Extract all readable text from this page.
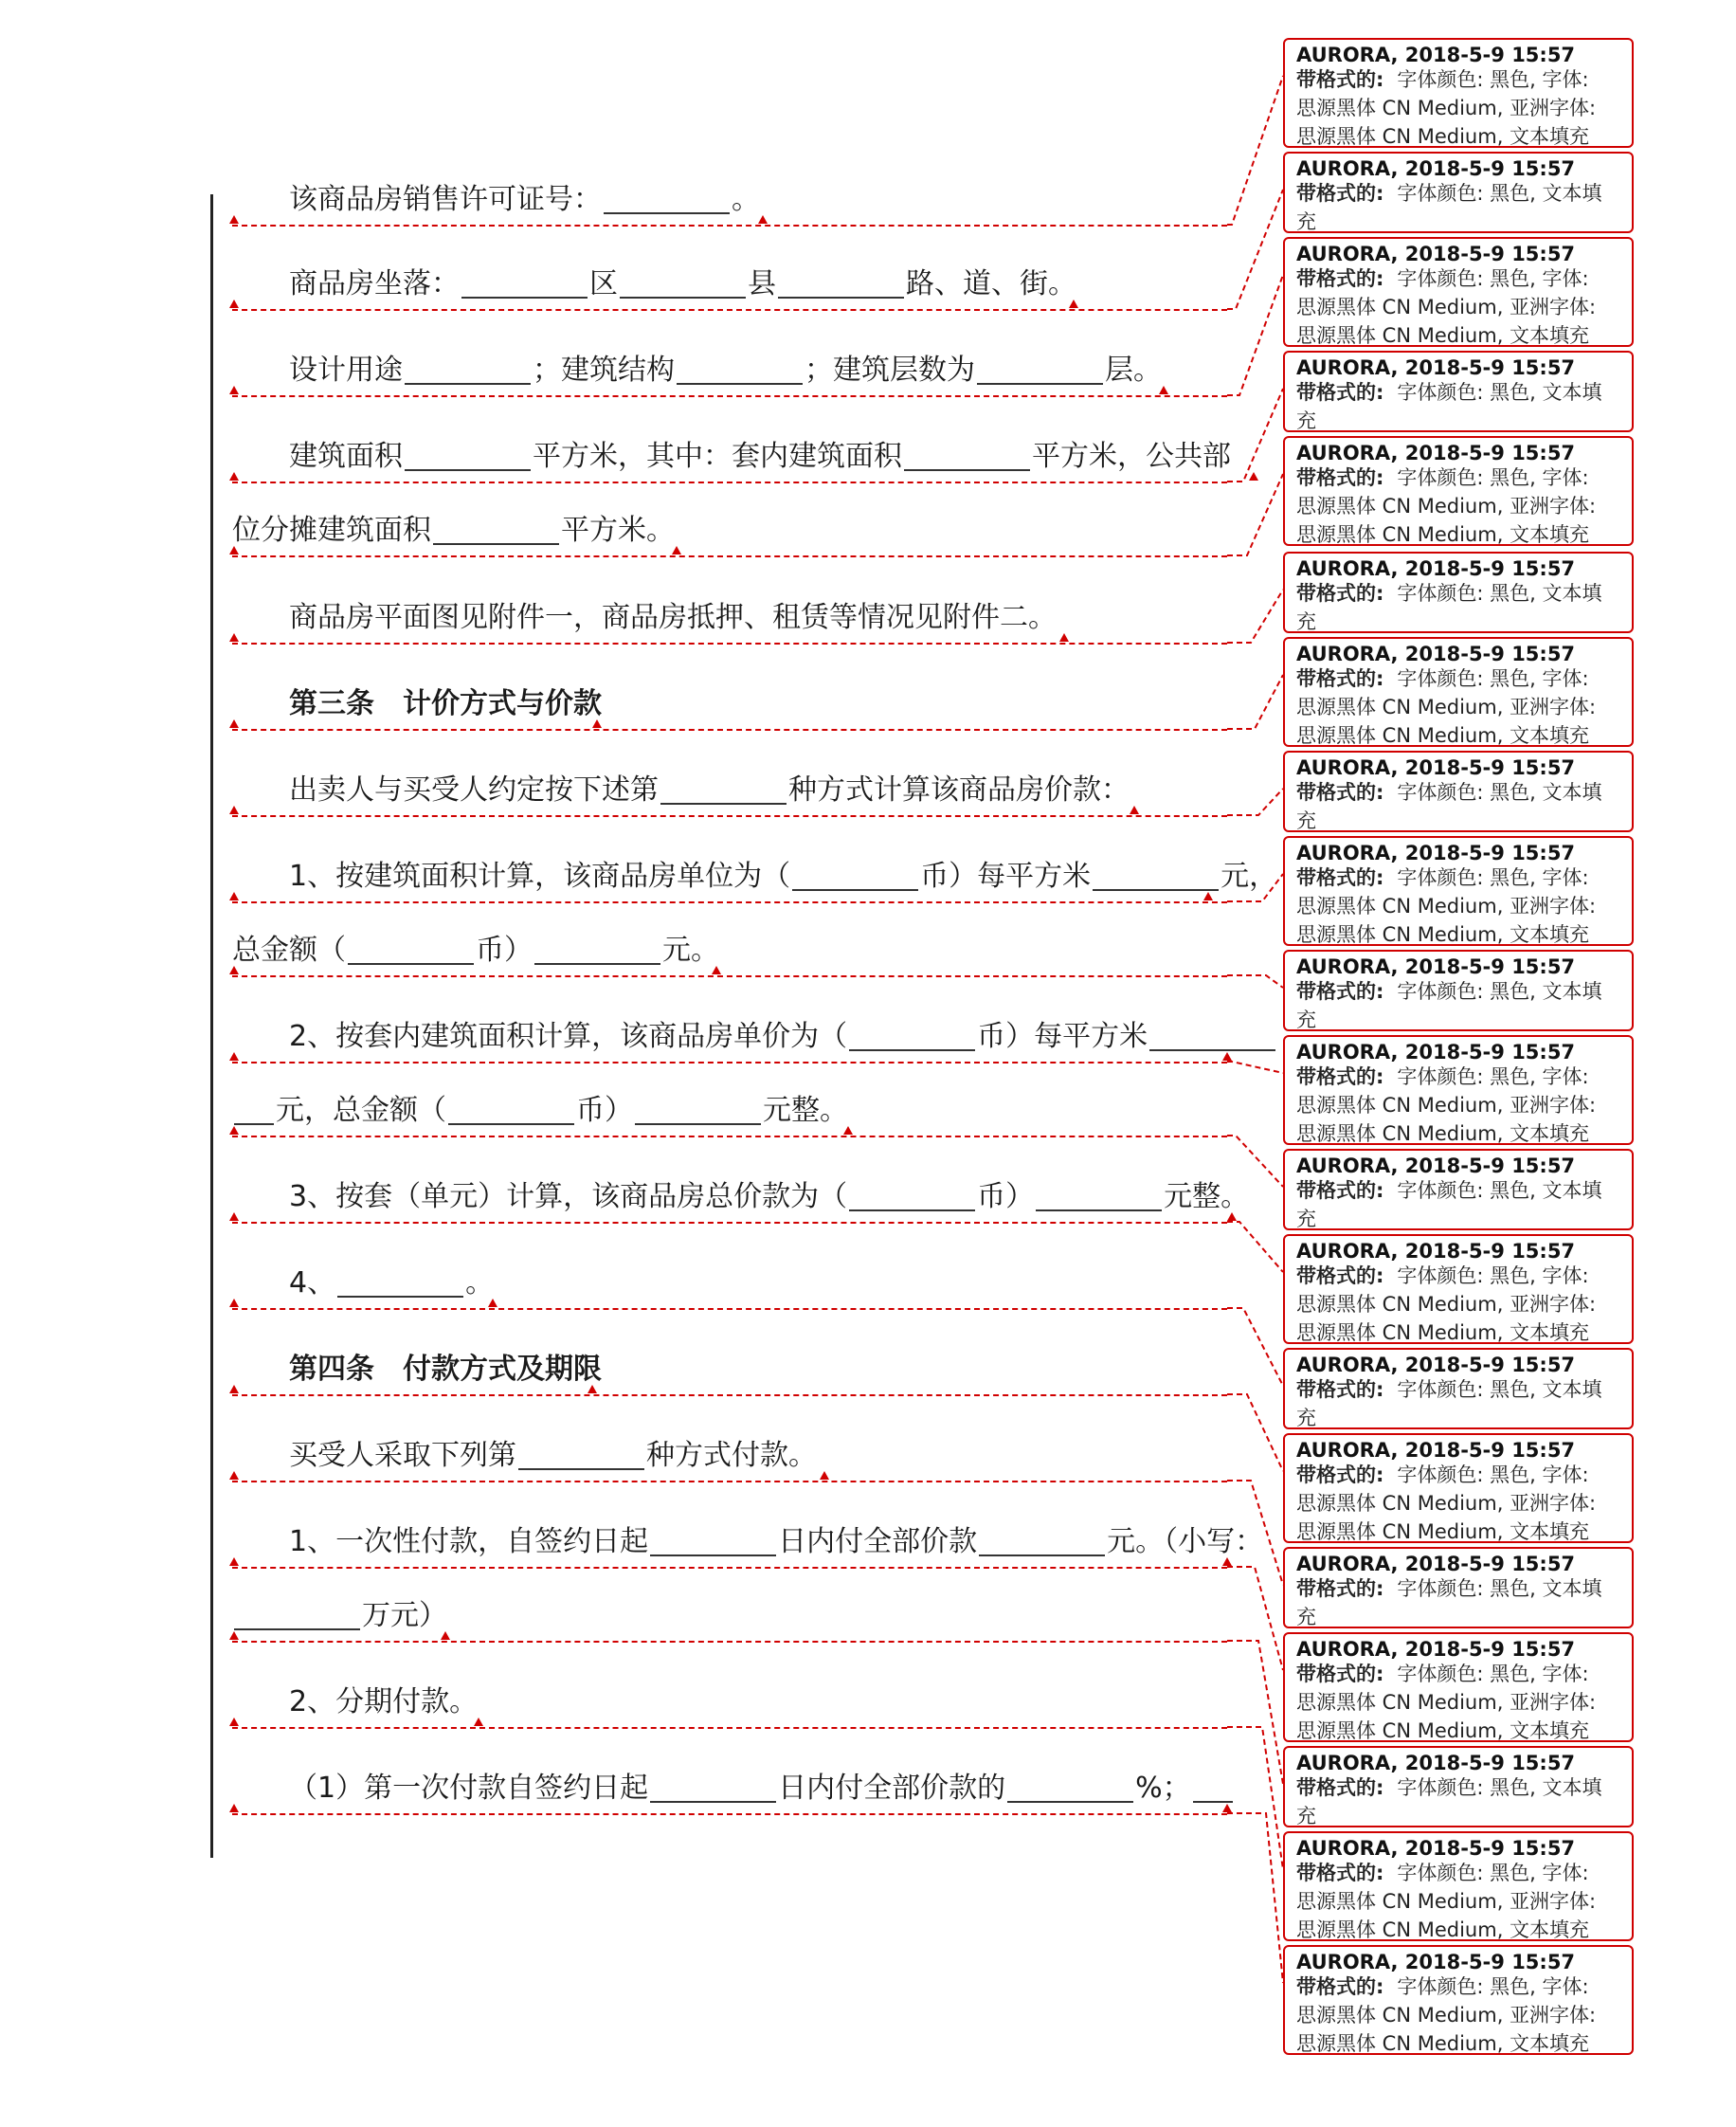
该商品房销售许可证号：	。
商品房坐落：	区	县	路、道、街。
设计用途	；建筑结构	；建筑层数为	层。
建筑面积	平方米，其中：套内建筑面积	平方米，公共部
位分摊建筑面积	平方米。
商品房平面图见附件一，商品房抵押、租赁等情况见附件二。
第三条 计价方式与价款
出卖人与买受人约定按下述第	种方式计算该商品房价款：
1、按建筑面积计算，该商品房单位为（	币）每平方米	元，
总金额（	币）	元。
2、按套内建筑面积计算，该商品房单价为（	币）每平方米
元，总金额（	币）	元整。
3、按套（单元）计算，该商品房总价款为（	币）	元整。
4、	。
第四条 付款方式及期限
买受人采取下列第	种方式付款。
1、一次性付款，自签约日起	日内付全部价款	元。（小写：
万元）
2、分期付款。
（1）第一次付款自签约日起	日内付全部价款的	%；
AURORA, 2018-5-9 15:57
带格式的: 字体颜色: 黑色, 字体:
思源黑体 CN Medium, 亚洲字体:
思源黑体 CN Medium, 文本填充
AURORA, 2018-5-9 15:57
带格式的: 字体颜色: 黑色, 文本填
充
AURORA, 2018-5-9 15:57
带格式的: 字体颜色: 黑色, 字体:
思源黑体 CN Medium, 亚洲字体:
思源黑体 CN Medium, 文本填充
AURORA, 2018-5-9 15:57
带格式的: 字体颜色: 黑色, 文本填
充
AURORA, 2018-5-9 15:57
带格式的: 字体颜色: 黑色, 字体:
思源黑体 CN Medium, 亚洲字体:
思源黑体 CN Medium, 文本填充
AURORA, 2018-5-9 15:57
带格式的: 字体颜色: 黑色, 文本填
充
AURORA, 2018-5-9 15:57
带格式的: 字体颜色: 黑色, 字体:
思源黑体 CN Medium, 亚洲字体:
思源黑体 CN Medium, 文本填充
AURORA, 2018-5-9 15:57
带格式的: 字体颜色: 黑色, 文本填
充
AURORA, 2018-5-9 15:57
带格式的: 字体颜色: 黑色, 字体:
思源黑体 CN Medium, 亚洲字体:
思源黑体 CN Medium, 文本填充
AURORA, 2018-5-9 15:57
带格式的: 字体颜色: 黑色, 文本填
充
AURORA, 2018-5-9 15:57
带格式的: 字体颜色: 黑色, 字体:
思源黑体 CN Medium, 亚洲字体:
思源黑体 CN Medium, 文本填充
AURORA, 2018-5-9 15:57
带格式的: 字体颜色: 黑色, 文本填
充
AURORA, 2018-5-9 15:57
带格式的: 字体颜色: 黑色, 字体:
思源黑体 CN Medium, 亚洲字体:
思源黑体 CN Medium, 文本填充
AURORA, 2018-5-9 15:57
带格式的: 字体颜色: 黑色, 文本填
充
AURORA, 2018-5-9 15:57
带格式的: 字体颜色: 黑色, 字体:
思源黑体 CN Medium, 亚洲字体:
思源黑体 CN Medium, 文本填充
AURORA, 2018-5-9 15:57
带格式的: 字体颜色: 黑色, 文本填
充
AURORA, 2018-5-9 15:57
带格式的: 字体颜色: 黑色, 字体:
思源黑体 CN Medium, 亚洲字体:
思源黑体 CN Medium, 文本填充
AURORA, 2018-5-9 15:57
带格式的: 字体颜色: 黑色, 文本填
充
AURORA, 2018-5-9 15:57
带格式的: 字体颜色: 黑色, 字体:
思源黑体 CN Medium, 亚洲字体:
思源黑体 CN Medium, 文本填充
AURORA, 2018-5-9 15:57
带格式的: 字体颜色: 黑色, 字体:
思源黑体 CN Medium, 亚洲字体:
思源黑体 CN Medium, 文本填充
